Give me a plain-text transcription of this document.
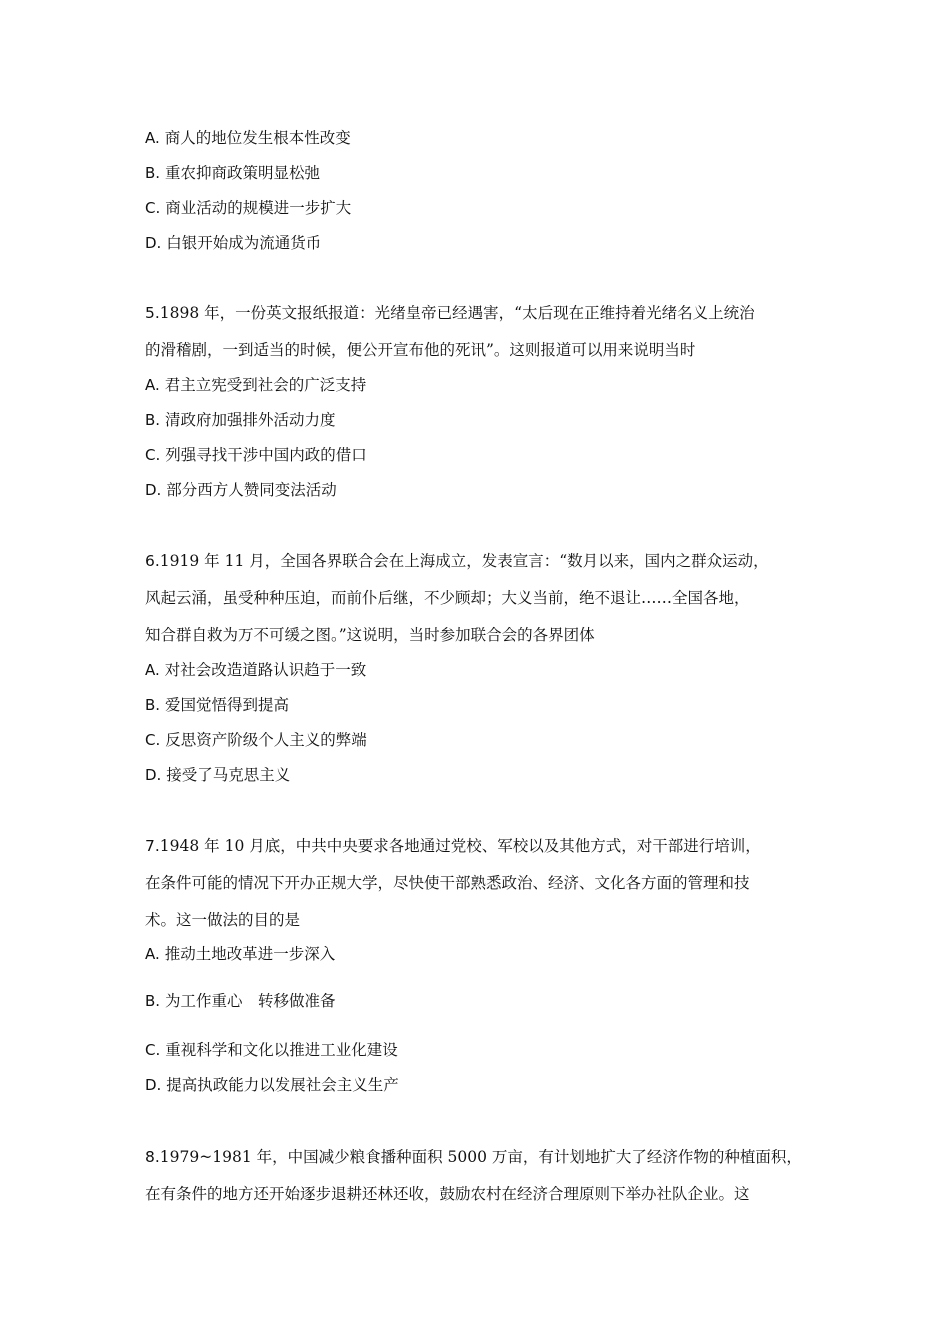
A. 商人的地位发生根本性改变
B. 重农抑商政策明显松弛
C. 商业活动的规模进一步扩大
D. 白银开始成为流通货币
5.1898 年，一份英文报纸报道：光绪皇帝已经遇害，“太后现在正维持着光绪名义上统治
的滑稽剧，一到适当的时候，便公开宣布他的死讯”。这则报道可以用来说明当时
A. 君主立宪受到社会的广泛支持
B. 清政府加强排外活动力度
C. 列强寻找干涉中国内政的借口
D. 部分西方人赞同变法活动
6.1919 年 11 月，全国各界联合会在上海成立，发表宣言：“数月以来，国内之群众运动，
风起云涌，虽受种种压迫，而前仆后继，不少顾却；大义当前，绝不退让……全国各地，
知合群自救为万不可缓之图。”这说明，当时参加联合会的各界团体
A. 对社会改造道路认识趋于一致
B. 爱国觉悟得到提高
C. 反思资产阶级个人主义的弊端
D. 接受了马克思主义
7.1948 年 10 月底，中共中央要求各地通过党校、军校以及其他方式，对干部进行培训，
在条件可能的情况下开办正规大学，尽快使干部熟悉政治、经济、文化各方面的管理和技
术。这一做法的目的是
A. 推动土地改革进一步深入
B. 为工作重心　转移做准备
C. 重视科学和文化以推进工业化建设
D. 提高执政能力以发展社会主义生产
8.1979~1981 年，中国减少粮食播种面积 5000 万亩，有计划地扩大了经济作物的种植面积，
在有条件的地方还开始逐步退耕还林还收，鼓励农村在经济合理原则下举办社队企业。这
